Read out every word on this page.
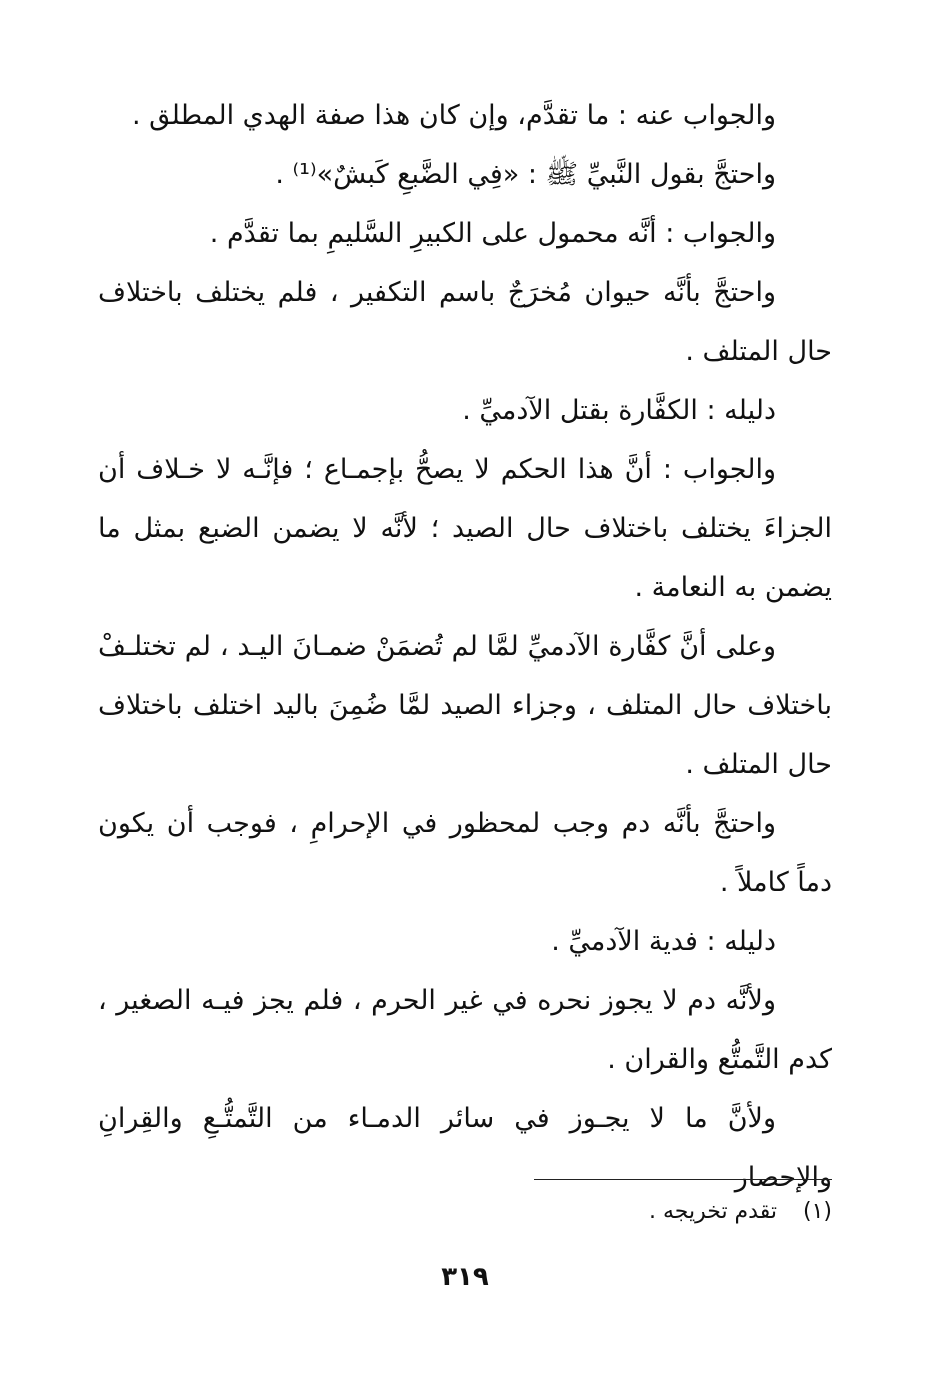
والجواب عنه : ما تقدَّم، وإن كان هذا صفة الهدي المطلق .

واحتجَّ بقول النَّبيِّ ﷺ : «فِي الضَّبعِ كَبشٌ»⁽¹⁾ .

والجواب : أنَّه محمول على الكبيرِ السَّليمِ بما تقدَّم .

واحتجَّ بأنَّه حيوان مُخرَجٌ باسم التكفير ، فلم يختلف باختلاف حال المتلف .

دليله : الكفَّارة بقتل الآدميِّ .

والجواب : أنَّ هذا الحكم لا يصحُّ بإجمـاع ؛ فإنَّـه لا خـلاف أن الجزاءَ يختلف باختلاف حال الصيد ؛ لأنَّه لا يضمن الضبع بمثل ما يضمن به النعامة .

وعلى أنَّ كفَّارة الآدميِّ لمَّا لم تُضمَنْ ضمـانَ اليـد ، لم تختلـفْ باختلاف حال المتلف ، وجزاء الصيد لمَّا ضُمِنَ باليد اختلف باختلاف حال المتلف .

واحتجَّ بأنَّه دم وجب لمحظور في الإحرامِ ، فوجب أن يكون دماً كاملاً .

دليله : فدية الآدميِّ .

ولأنَّه دم لا يجوز نحره في غير الحرم ، فلم يجز فيـه الصغير ، كدم التَّمتُّع والقران .

ولأنَّ ما لا يجـوز في سائر الدمـاء من التَّمتُّـعِ والقِرانِ والإحصار

(١)تقدم تخريجه .
٣١٩
